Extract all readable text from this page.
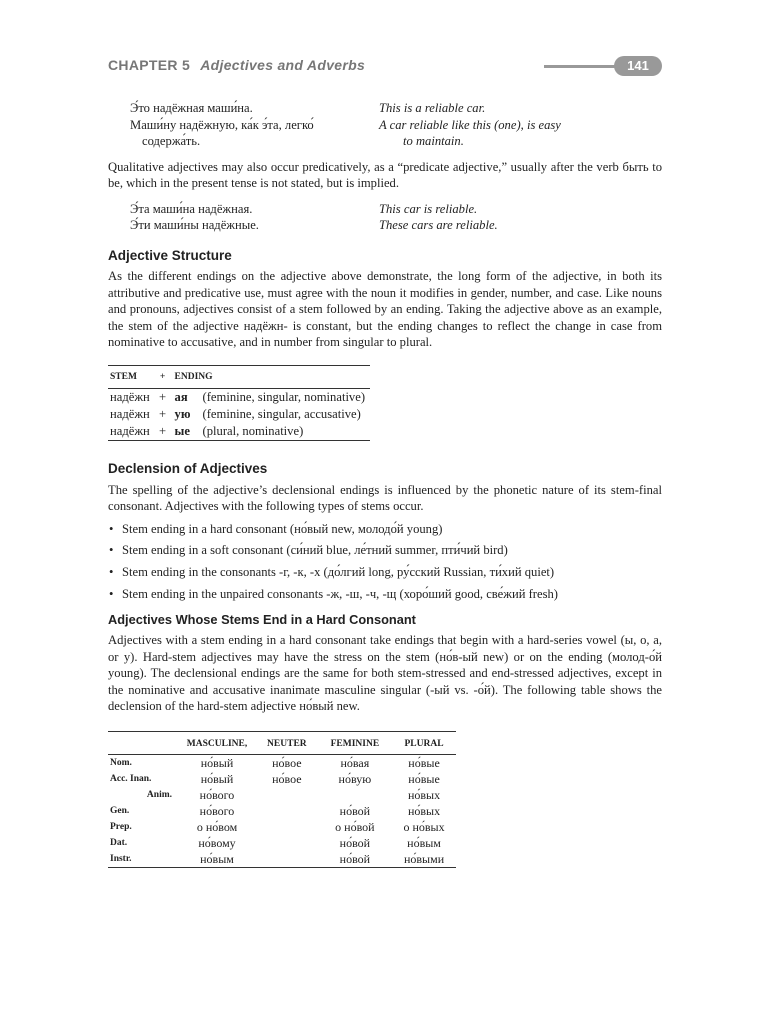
CHAPTER 5 Adjectives and Adverbs	141
Э́то надёжная маши́на.	This is a reliable car.
Маши́ну надёжную, ка́к э́та, легко́	A car reliable like this (one), is easy
содержа́ть.	to maintain.

Qualitative adjectives may also occur predicatively, as a “predicate adjective,” usually after the verb быть to be, which in the present tense is not stated, but is implied.

Э́та маши́на надёжная.	This car is reliable.
Э́ти маши́ны надёжные.	These cars are reliable.
Adjective Structure

As the different endings on the adjective above demonstrate, the long form of the adjective, in both its attributive and predicative use, must agree with the noun it modifies in gender, number, and case. Like nouns and pronouns, adjectives consist of a stem followed by an ending. Taking the adjective above as an example, the stem of the adjective надёжн- is constant, but the ending changes to reflect the change in case from nominative to accusative, and in number from singular to plural.

STEM	+	ENDING	
надёжн	+	ая	(feminine, singular, nominative)
надёжн	+	ую	(feminine, singular, accusative)
надёжн	+	ые	(plural, nominative)
Declension of Adjectives

The spelling of the adjective’s declensional endings is influenced by the phonetic nature of its stem-final consonant. Adjectives with the following types of stems occur.

• Stem ending in a hard consonant (но́вый new, молодо́й young)
• Stem ending in a soft consonant (си́ний blue, ле́тний summer, пти́чий bird)
• Stem ending in the consonants -г, -к, -х (до́лгий long, ру́сский Russian, ти́хий quiet)
• Stem ending in the unpaired consonants -ж, -ш, -ч, -щ (хоро́ший good, све́жий fresh)
Adjectives Whose Stems End in a Hard Consonant

Adjectives with a stem ending in a hard consonant take endings that begin with a hard-series vowel (ы, о, а, or у). Hard-stem adjectives may have the stress on the stem (но́в-ый new) or on the ending (молод-о́й young). The declensional endings are the same for both stem-stressed and end-stressed adjectives, except in the nominative and accusative inanimate masculine singular (-ый vs. -о́й). The following table shows the declension of the hard-stem adjective но́вый new.

	MASCULINE,	NEUTER	FEMININE	PLURAL
Nom.	но́вый	но́вое	но́вая	но́вые
Acc. Inan.	но́вый	но́вое	но́вую	но́вые
Anim.	но́вого			но́вых
Gen.	но́вого		но́вой	но́вых
Prep.	о но́вом		о но́вой	о но́вых
Dat.	но́вому		но́вой	но́вым
Instr.	но́вым		но́вой	но́выми
